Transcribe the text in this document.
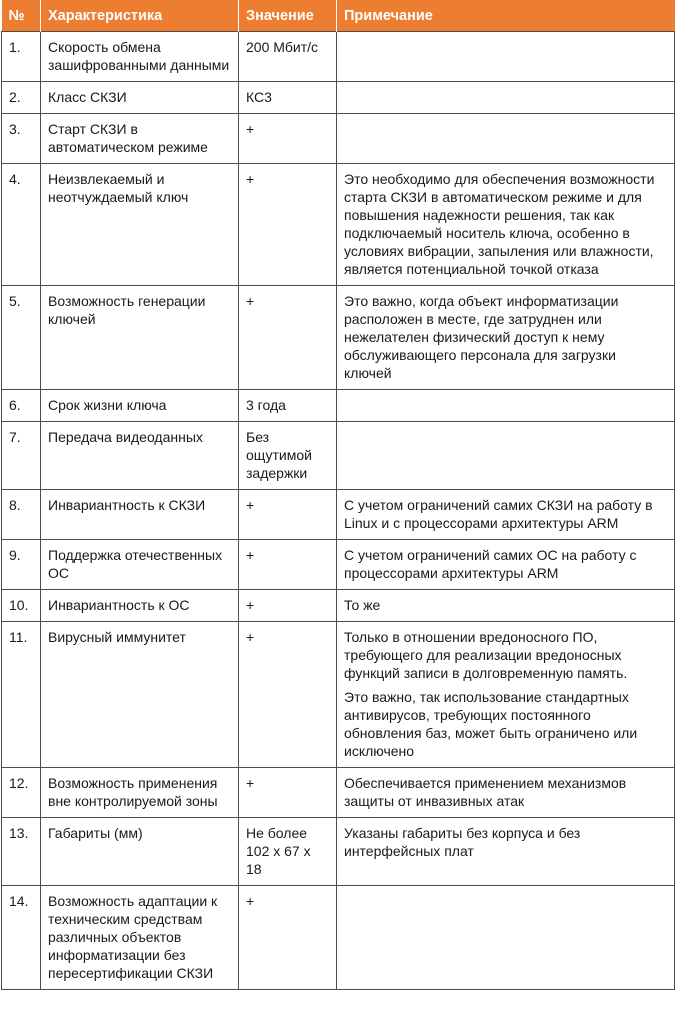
№	Характеристика	Значение	Примечание
1.	Скорость обмена зашифрованными данными	200 Мбит/с	
2.	Класс СКЗИ	КС3	
3.	Старт СКЗИ в автоматическом режиме	+	
4.	Неизвлекаемый и неотчуждаемый ключ	+	Это необходимо для обеспечения возможности старта СКЗИ в автоматическом режиме и для повышения надежности решения, так как подключаемый носитель ключа, особенно в условиях вибрации, запыления или влажности, является потенциальной точкой отказа

5.	Возможность генерации ключей	+	Это важно, когда объект информатизации расположен в месте, где затруднен или нежелателен физический доступ к нему обслуживающего персонала для загрузки ключей

6.	Срок жизни ключа	3 года	
7.	Передача видеоданных	Без ощутимой задержки	
8.	Инвариантность к СКЗИ	+	С учетом ограничений самих СКЗИ на работу в Linux и с процессорами архитектуры ARM

9.	Поддержка отечественных ОС	+	С учетом ограничений самих ОС на работу с процессорами архитектуры ARM

10.	Инвариантность к ОС	+	То же

11.	Вирусный иммунитет	+	Только в отношении вредоносного ПО, требующего для реализации вредоносных функций записи в долговременную память.
Это важно, так использование стандартных антивирусов, требующих постоянного обновления баз, может быть ограничено или исключено

12.	Возможность применения вне контролируемой зоны	+	Обеспечивается применением механизмов защиты от инвазивных атак

13.	Габариты (мм)	Не более 102 x 67 x 18	Указаны габариты без корпуса и без интерфейсных плат

14.	Возможность адаптации к техническим средствам различных объектов информатизации без пересертификации СКЗИ	+	
